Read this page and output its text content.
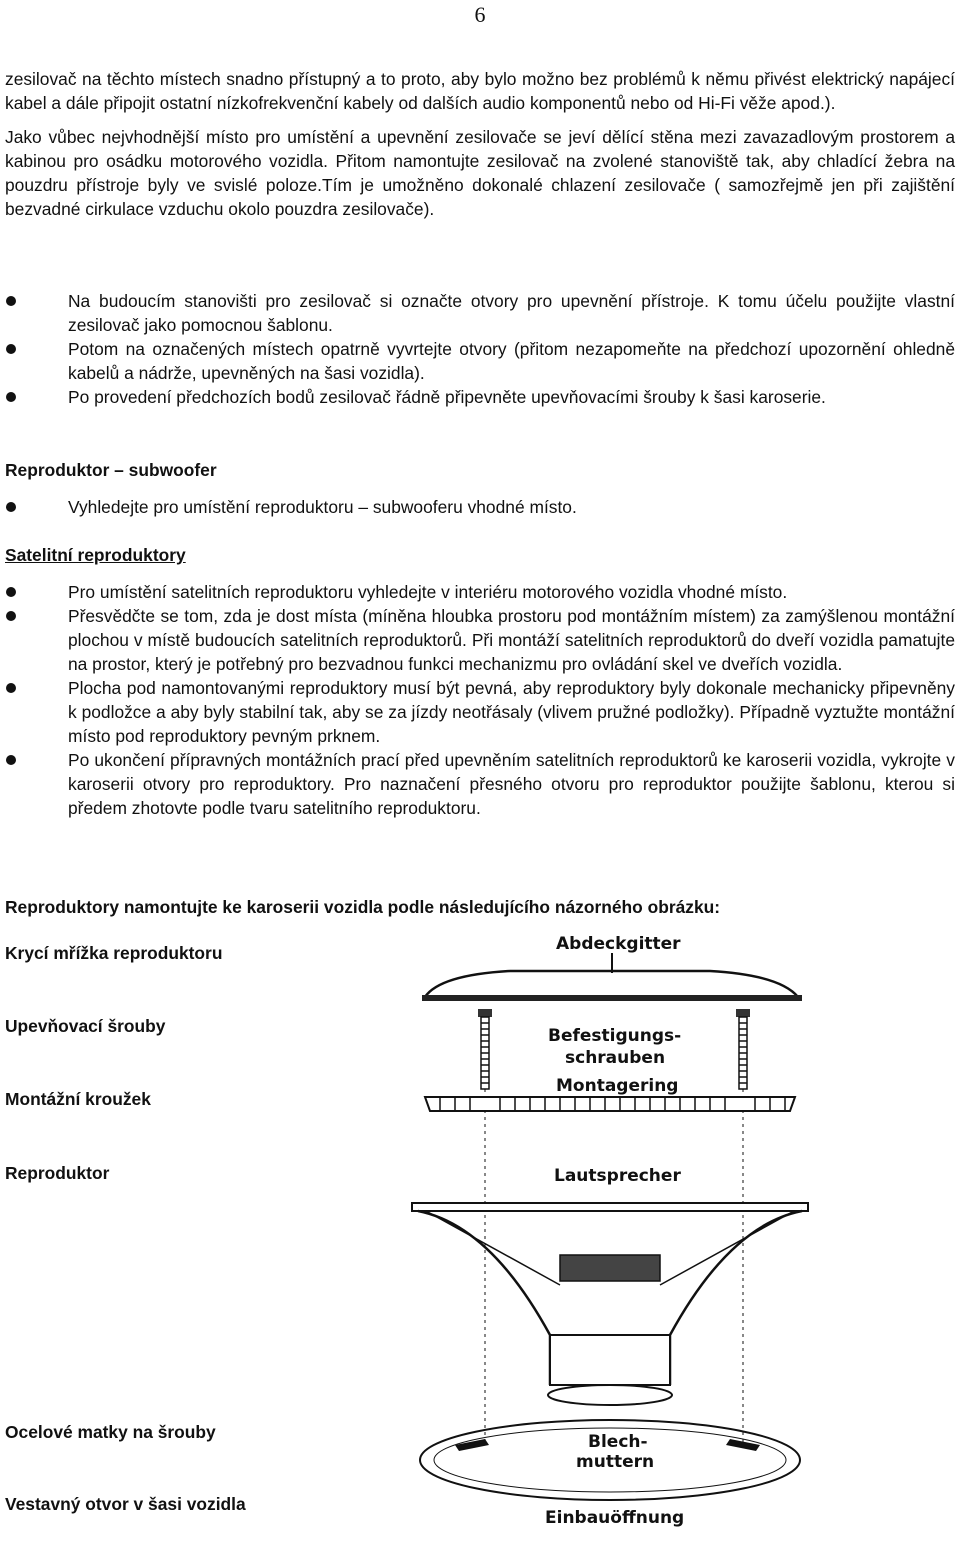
6
zesilovač na těchto místech snadno přístupný a to proto, aby bylo možno bez problémů k němu přivést elektrický napájecí kabel a dále připojit ostatní nízkofrekvenční kabely od dalších audio komponentů nebo od Hi-Fi věže apod.).
Jako vůbec nejvhodnější místo pro umístění a upevnění zesilovače se jeví dělící stěna mezi zavazadlovým prostorem a kabinou pro osádku motorového vozidla. Přitom namontujte zesilovač na zvolené stanoviště tak, aby chladící žebra na pouzdru přístroje byly ve svislé poloze.Tím je umožněno dokonalé chlazení zesilovače ( samozřejmě jen při zajištění bezvadné cirkulace vzduchu okolo pouzdra zesilovače).
Na budoucím stanovišti pro zesilovač si označte otvory pro upevnění přístroje. K tomu účelu použijte vlastní zesilovač jako pomocnou šablonu.
Potom na označených místech opatrně vyvrtejte otvory (přitom nezapomeňte na předchozí upozornění ohledně kabelů a nádrže, upevněných na šasi vozidla).
Po provedení předchozích bodů zesilovač řádně připevněte upevňovacími šrouby k šasi karoserie.
Reproduktor – subwoofer
Vyhledejte pro umístění reproduktoru – subwooferu vhodné místo.
Satelitní reproduktory
Pro umístění satelitních reproduktoru vyhledejte v interiéru motorového vozidla vhodné místo.
Přesvědčte se tom, zda je dost místa (míněna hloubka prostoru pod montážním místem) za zamýšlenou montážní plochou v místě budoucích satelitních reproduktorů. Při montáží satelitních reproduktorů do dveří vozidla pamatujte na prostor, který je potřebný pro bezvadnou funkci mechanizmu pro ovládání skel ve dveřích vozidla.
Plocha pod namontovanými reproduktory musí být pevná, aby reproduktory byly dokonale mechanicky připevněny k podložce a aby byly stabilní tak, aby se za jízdy neotřásaly (vlivem pružné podložky). Případně vyztužte montážní místo pod reproduktory pevným prknem.
Po ukončení přípravných montážních prací před upevněním satelitních reproduktorů ke karoserii vozidla, vykrojte v karoserii otvory pro reproduktory. Pro naznačení přesného otvoru pro reproduktor použijte šablonu, kterou si předem zhotovte podle tvaru satelitního reproduktoru.
Reproduktory namontujte ke karoserii vozidla podle následujícího názorného obrázku:
Krycí mřížka reproduktoru
Upevňovací šrouby
Montážní kroužek
Reproduktor
Ocelové matky na šrouby
Vestavný otvor v šasi vozidla
Abdeckgitter
Befestigungs-
schrauben
Montagering
Lautsprecher
Blech-
muttern
Einbauöffnung
